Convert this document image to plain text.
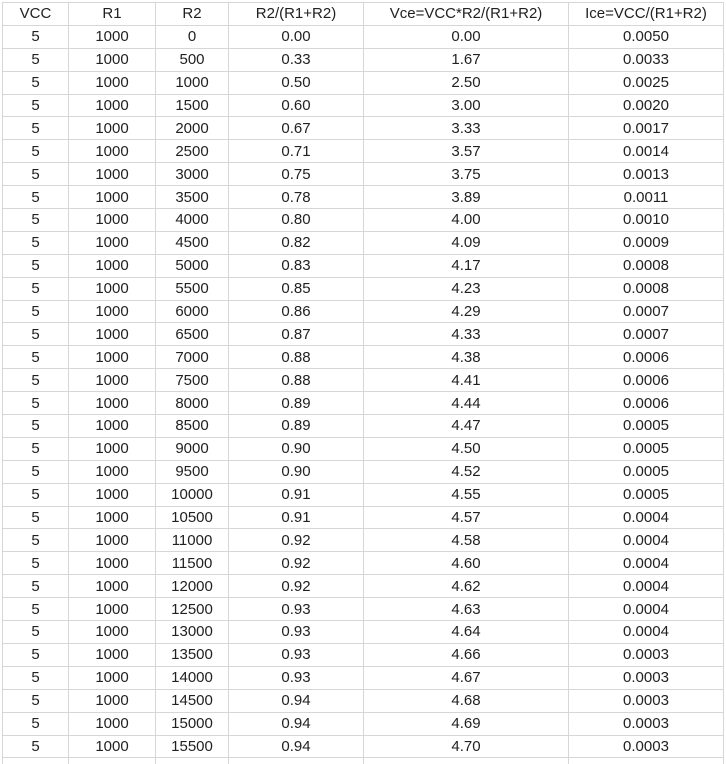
VCC	R1	R2	R2/(R1+R2)	Vce=VCC*R2/(R1+R2)	Ice=VCC/(R1+R2)
5	1000	0	0.00	0.00	0.0050
5	1000	500	0.33	1.67	0.0033
5	1000	1000	0.50	2.50	0.0025
5	1000	1500	0.60	3.00	0.0020
5	1000	2000	0.67	3.33	0.0017
5	1000	2500	0.71	3.57	0.0014
5	1000	3000	0.75	3.75	0.0013
5	1000	3500	0.78	3.89	0.0011
5	1000	4000	0.80	4.00	0.0010
5	1000	4500	0.82	4.09	0.0009
5	1000	5000	0.83	4.17	0.0008
5	1000	5500	0.85	4.23	0.0008
5	1000	6000	0.86	4.29	0.0007
5	1000	6500	0.87	4.33	0.0007
5	1000	7000	0.88	4.38	0.0006
5	1000	7500	0.88	4.41	0.0006
5	1000	8000	0.89	4.44	0.0006
5	1000	8500	0.89	4.47	0.0005
5	1000	9000	0.90	4.50	0.0005
5	1000	9500	0.90	4.52	0.0005
5	1000	10000	0.91	4.55	0.0005
5	1000	10500	0.91	4.57	0.0004
5	1000	11000	0.92	4.58	0.0004
5	1000	11500	0.92	4.60	0.0004
5	1000	12000	0.92	4.62	0.0004
5	1000	12500	0.93	4.63	0.0004
5	1000	13000	0.93	4.64	0.0004
5	1000	13500	0.93	4.66	0.0003
5	1000	14000	0.93	4.67	0.0003
5	1000	14500	0.94	4.68	0.0003
5	1000	15000	0.94	4.69	0.0003
5	1000	15500	0.94	4.70	0.0003
